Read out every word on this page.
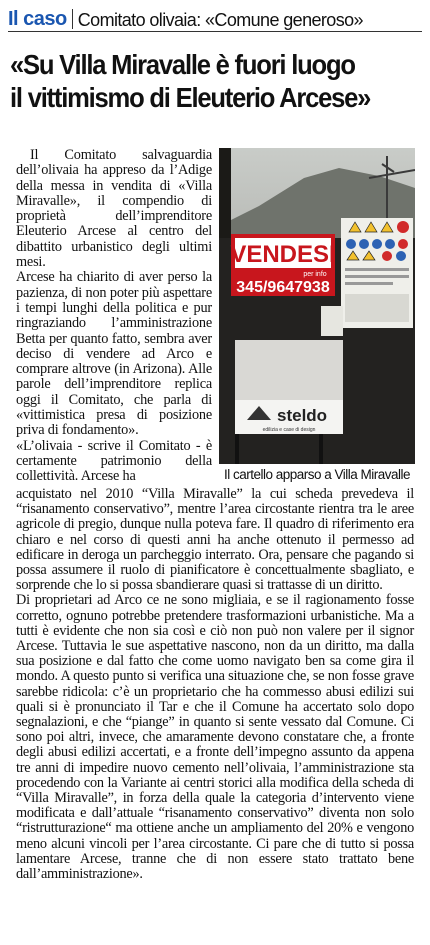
Il caso Comitato olivaia: «Comune generoso»
«Su Villa Miravalle è fuori luogo
il vittimismo di Eleuterio Arcese»

Il Comitato salvaguardia dell’olivaia ha appreso da l’Adige della messa in vendita di «Villa Miravalle», il compendio di proprietà dell’imprenditore Eleuterio Arcese al centro del dibattito urbanistico degli ultimi mesi.

Arcese ha chiarito di aver perso la pazienza, di non poter più aspettare i tempi lunghi della politica e pur ringraziando l’amministrazione Betta per quanto fatto, sembra aver deciso di vendere ad Arco e comprare altrove (in Arizona). Alle parole dell’imprenditore replica oggi il Comitato, che parla di «vittimistica presa di posizione priva di fondamento».

«L’olivaia - scrive il Comitato - è certamente patrimonio della collettività. Arcese ha

VENDESI
per info
345/9647938
steldo
edilizia e case di design
Il cartello apparso a Villa Miravalle

acquistato nel 2010 “Villa Miravalle” la cui scheda prevedeva il “risanamento conservativo”, mentre l’area circostante rientra tra le aree agricole di pregio, dunque nulla poteva fare. Il quadro di riferimento era chiaro e nel corso di questi anni ha anche ottenuto il permesso ad edificare in deroga un parcheggio interrato. Ora, pensare che pagando si possa assumere il ruolo di pianificatore è concettualmente sbagliato, e sorprende che lo si possa sbandierare quasi si trattasse di un diritto.

Di proprietari ad Arco ce ne sono migliaia, e se il ragionamento fosse corretto, ognuno potrebbe pretendere trasformazioni urbanistiche. Ma a tutti è evidente che non sia così e ciò non può non valere per il signor Arcese. Tuttavia le sue aspettative nascono, non da un diritto, ma dalla sua posizione e dal fatto che come uomo navigato ben sa come gira il mondo. A questo punto si verifica una situazione che, se non fosse grave sarebbe ridicola: c’è un proprietario che ha commesso abusi edilizi sui quali si è pronunciato il Tar e che il Comune ha accertato solo dopo segnalazioni, e che “piange” in quanto si sente vessato dal Comune. Ci sono poi altri, invece, che amaramente devono constatare che, a fronte degli abusi edilizi accertati, e a fronte dell’impegno assunto da appena tre anni di impedire nuovo cemento nell’olivaia, l’amministrazione sta procedendo con la Variante ai centri storici alla modifica della scheda di “Villa Miravalle”, in forza della quale la categoria d’intervento viene modificata e dall’attuale “risanamento conservativo” diventa non solo “ristrutturazione“ ma ottiene anche un ampliamento del 20% e vengono meno alcuni vincoli per l’area circostante. Ci pare che di tutto si possa lamentare Arcese, tranne che di non essere stato trattato bene dall’amministrazione».
